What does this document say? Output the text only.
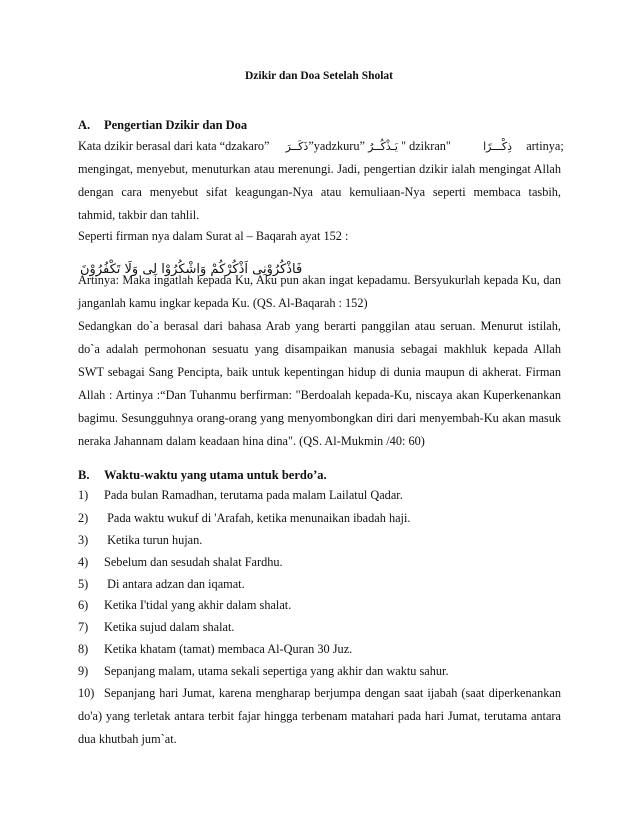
Dzikir dan Doa Setelah Sholat
A. Pengertian Dzikir dan Doa
Kata dzikir berasal dari kata “dzakaro” ذَكَــرَ”yadzkuru” يَـذْكُــرُ " dzikran"	ذِكْـــرًا artinya;
mengingat, menyebut, menuturkan atau merenungi. Jadi, pengertian dzikir ialah mengingat Allah
dengan cara menyebut sifat keagungan-Nya atau kemuliaan-Nya seperti membaca tasbih,
tahmid, takbir dan tahlil.
Seperti firman nya dalam Surat al – Baqarah ayat 152 :
فَاذْكُرُوْنِى اَذْكُرْكُمْ وَاشْكُرُوْا لِى وَلَا تَكْفُرُوْنَ
Artinya: Maka ingatlah kepada Ku, Aku pun akan ingat kepadamu. Bersyukurlah kepada Ku, dan
janganlah kamu ingkar kepada Ku. (QS. Al-Baqarah : 152)
Sedangkan do`a berasal dari bahasa Arab yang berarti panggilan atau seruan. Menurut istilah,
do`a adalah permohonan sesuatu yang disampaikan manusia sebagai makhluk kepada Allah
SWT sebagai Sang Pencipta, baik untuk kepentingan hidup di dunia maupun di akherat. Firman
Allah : Artinya :“Dan Tuhanmu berfirman: "Berdoalah kepada-Ku, niscaya akan Kuperkenankan
bagimu. Sesungguhnya orang-orang yang menyombongkan diri dari menyembah-Ku akan masuk
neraka Jahannam dalam keadaan hina dina". (QS. Al-Mukmin /40: 60)
B. Waktu-waktu yang utama untuk berdo’a.
1) Pada bulan Ramadhan, terutama pada malam Lailatul Qadar.
2) Pada waktu wukuf di 'Arafah, ketika menunaikan ibadah haji.
3) Ketika turun hujan.
4) Sebelum dan sesudah shalat Fardhu.
5) Di antara adzan dan iqamat.
6) Ketika I'tidal yang akhir dalam shalat.
7) Ketika sujud dalam shalat.
8) Ketika khatam (tamat) membaca Al-Quran 30 Juz.
9) Sepanjang malam, utama sekali sepertiga yang akhir dan waktu sahur.
10) Sepanjang hari Jumat, karena mengharap berjumpa dengan saat ijabah (saat diperkenankan
do'a) yang terletak antara terbit fajar hingga terbenam matahari pada hari Jumat, terutama antara
dua khutbah jum`at.
